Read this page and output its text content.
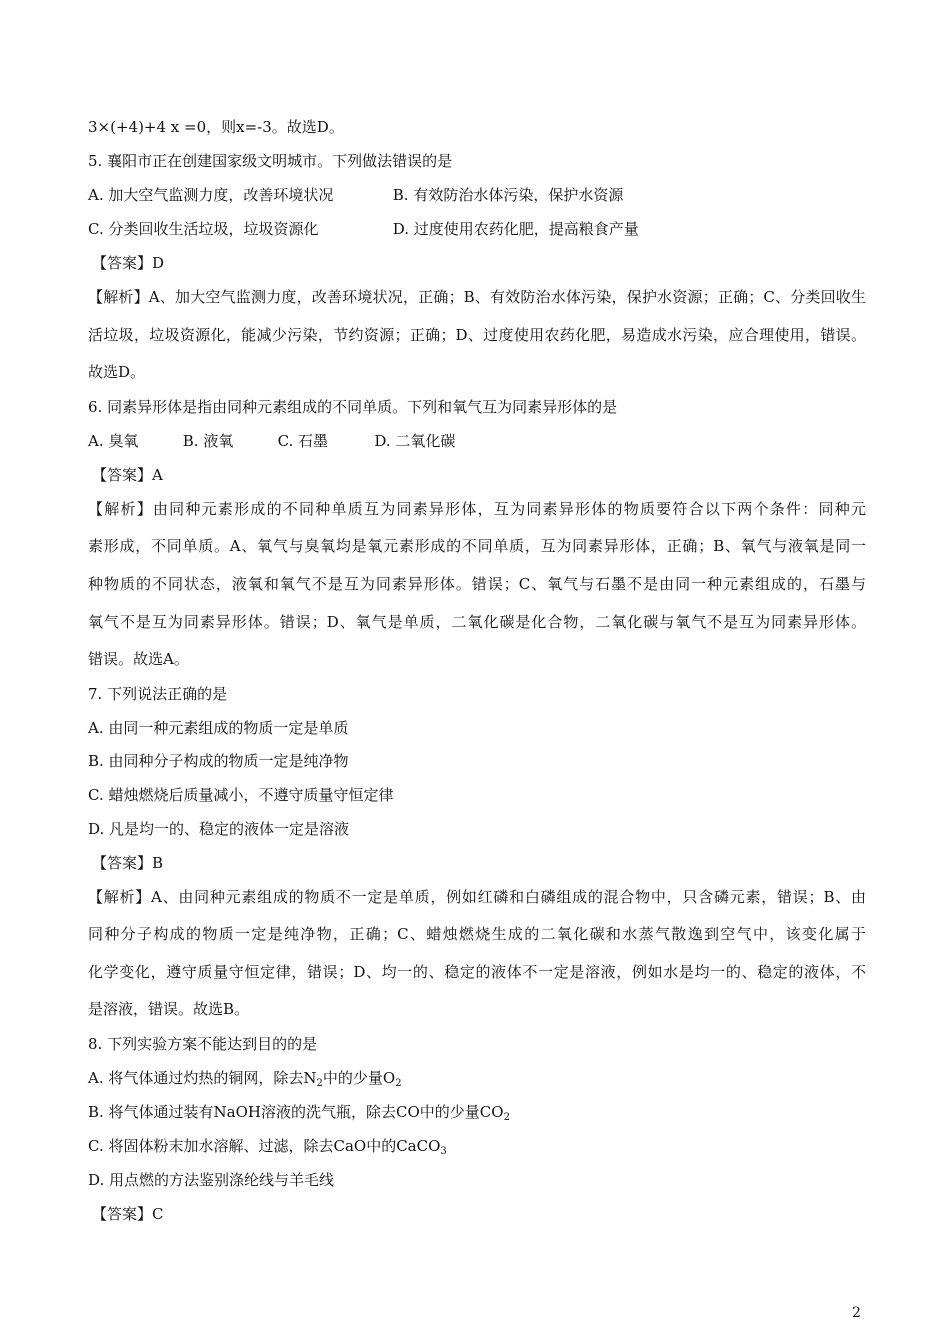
3×(+4)+4 x =0，则x=-3。故选D。
5. 襄阳市正在创建国家级文明城市。下列做法错误的是
A. 加大空气监测力度，改善环境状况	B. 有效防治水体污染，保护水资源
C. 分类回收生活垃圾，垃圾资源化	D. 过度使用农药化肥，提高粮食产量
【答案】D
【解析】A、加大空气监测力度，改善环境状况，正确；B、有效防治水体污染，保护水资源；正确；C、分类回收生
活垃圾，垃圾资源化，能减少污染，节约资源；正确；D、过度使用农药化肥，易造成水污染，应合理使用，错误。
故选D。
6. 同素异形体是指由同种元素组成的不同单质。下列和氧气互为同素异形体的是
A. 臭氧	B. 液氧	C. 石墨	D. 二氧化碳
【答案】A
【解析】由同种元素形成的不同种单质互为同素异形体，互为同素异形体的物质要符合以下两个条件：同种元
素形成，不同单质。A、氧气与臭氧均是氧元素形成的不同单质，互为同素异形体，正确；B、氧气与液氧是同一
种物质的不同状态，液氧和氧气不是互为同素异形体。错误；C、氧气与石墨不是由同一种元素组成的，石墨与
氧气不是互为同素异形体。错误；D、氧气是单质，二氧化碳是化合物，二氧化碳与氧气不是互为同素异形体。
错误。故选A。
7. 下列说法正确的是
A. 由同一种元素组成的物质一定是单质
B. 由同种分子构成的物质一定是纯净物
C. 蜡烛燃烧后质量减小，不遵守质量守恒定律
D. 凡是均一的、稳定的液体一定是溶液
【答案】B
【解析】A、由同种元素组成的物质不一定是单质，例如红磷和白磷组成的混合物中，只含磷元素，错误；B、由
同种分子构成的物质一定是纯净物，正确；C、蜡烛燃烧生成的二氧化碳和水蒸气散逸到空气中，该变化属于
化学变化，遵守质量守恒定律，错误；D、均一的、稳定的液体不一定是溶液，例如水是均一的、稳定的液体，不
是溶液，错误。故选B。
8. 下列实验方案不能达到目的的是
A. 将气体通过灼热的铜网，除去$N_2$中的少量$O_2$
B. 将气体通过装有NaOH溶液的洗气瓶，除去CO中的少量$CO_2$
C. 将固体粉末加水溶解、过滤，除去CaO中的CaCO$_3$
D. 用点燃的方法鉴别涤纶线与羊毛线
【答案】C
2
